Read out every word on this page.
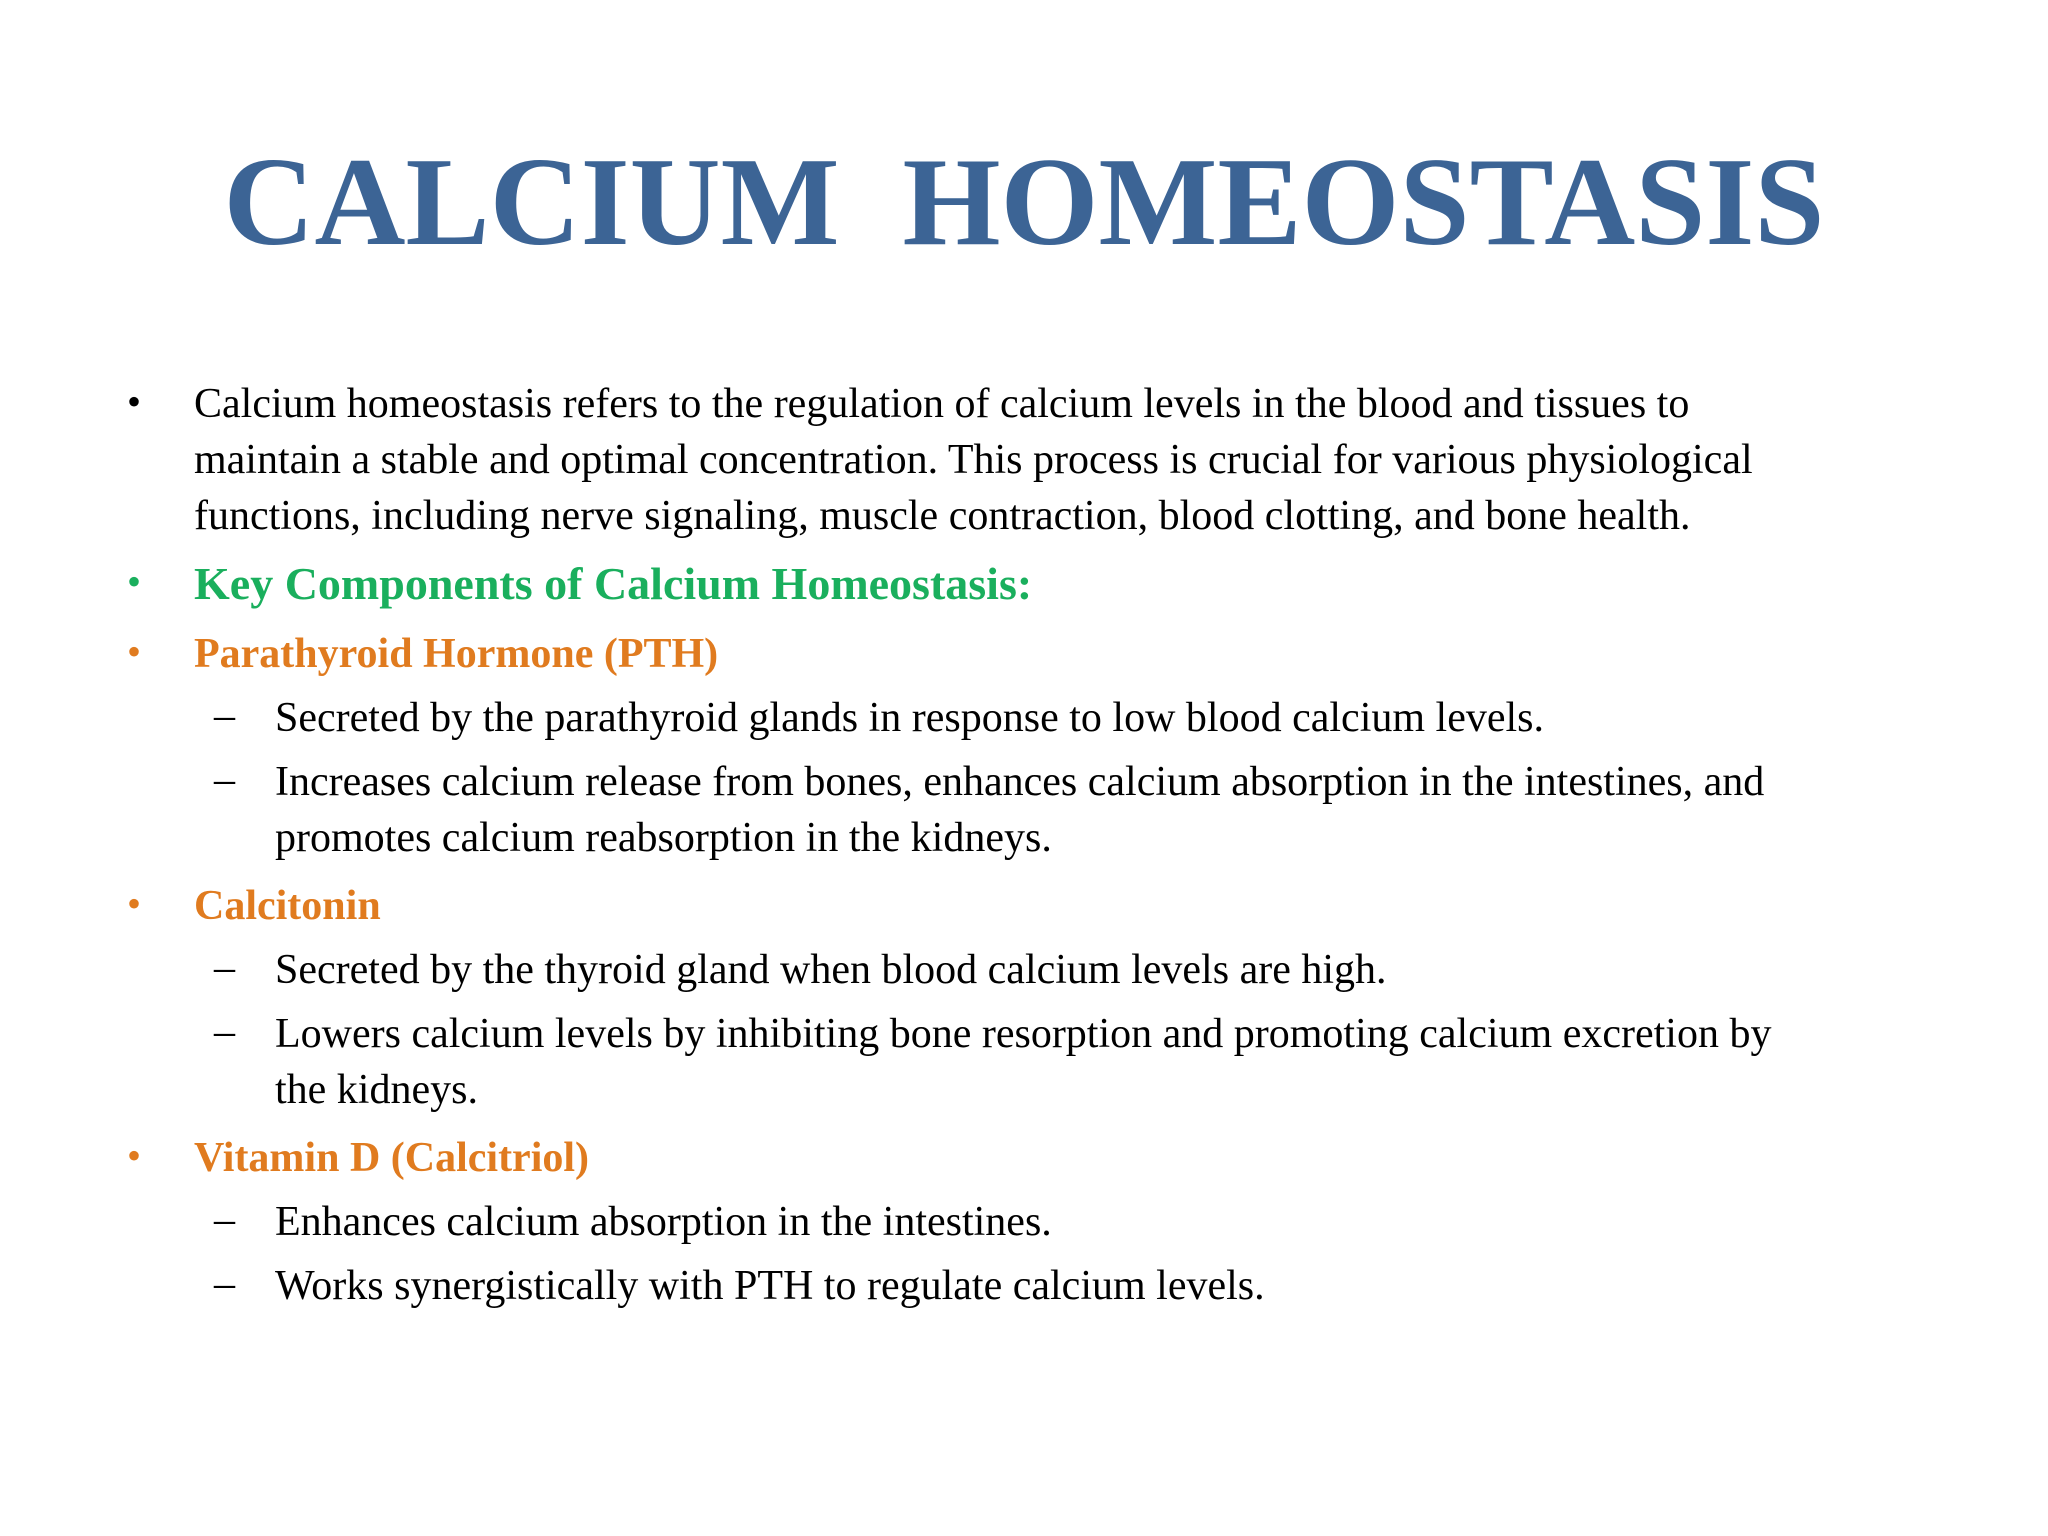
CALCIUM  HOMEOSTASIS
• Calcium homeostasis refers to the regulation of calcium levels in the blood and tissues to
maintain a stable and optimal concentration. This process is crucial for various physiological
functions, including nerve signaling, muscle contraction, blood clotting, and bone health.
• Key Components of Calcium Homeostasis:
• Parathyroid Hormone (PTH)
– Secreted by the parathyroid glands in response to low blood calcium levels.
– Increases calcium release from bones, enhances calcium absorption in the intestines, and
promotes calcium reabsorption in the kidneys.
• Calcitonin
– Secreted by the thyroid gland when blood calcium levels are high.
– Lowers calcium levels by inhibiting bone resorption and promoting calcium excretion by
the kidneys.
• Vitamin D (Calcitriol)
– Enhances calcium absorption in the intestines.
– Works synergistically with PTH to regulate calcium levels.
